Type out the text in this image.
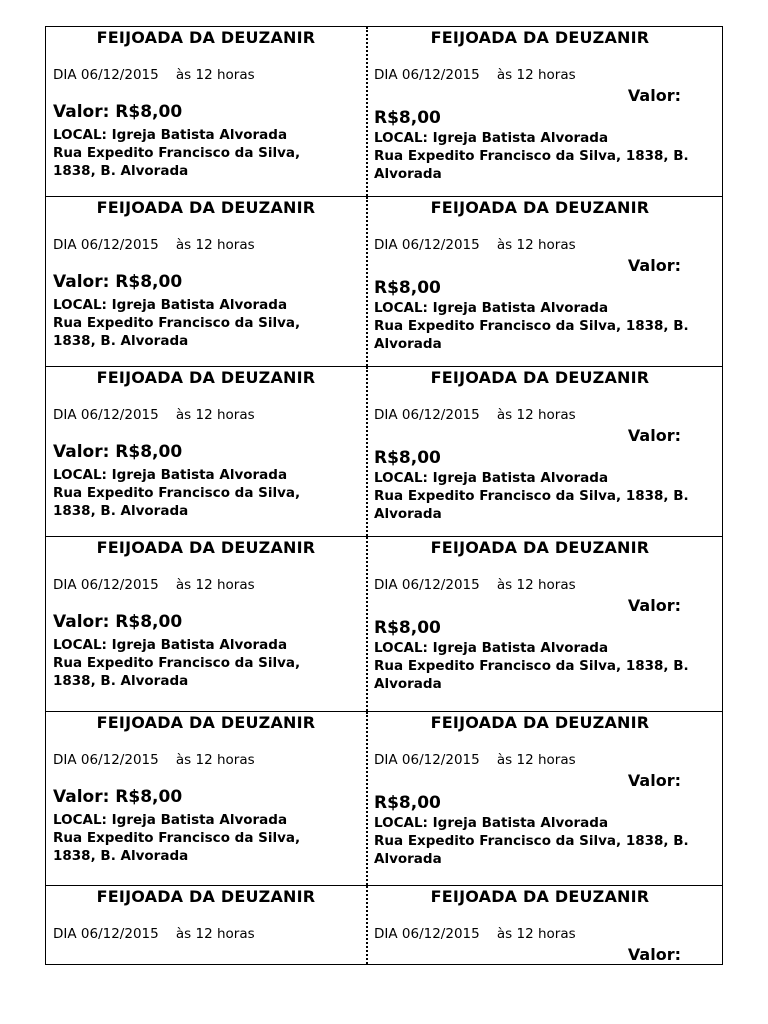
FEIJOADA DA DEUZANIR
DIA 06/12/2015 às 12 horas
Valor: R$8,00
LOCAL: Igreja Batista Alvorada
Rua Expedito Francisco da Silva,
1838, B. Alvorada
FEIJOADA DA DEUZANIR
DIA 06/12/2015 às 12 horas
Valor:
R$8,00
LOCAL: Igreja Batista Alvorada
Rua Expedito Francisco da Silva, 1838, B.
Alvorada
FEIJOADA DA DEUZANIR
DIA 06/12/2015 às 12 horas
Valor: R$8,00
LOCAL: Igreja Batista Alvorada
Rua Expedito Francisco da Silva,
1838, B. Alvorada
FEIJOADA DA DEUZANIR
DIA 06/12/2015 às 12 horas
Valor:
R$8,00
LOCAL: Igreja Batista Alvorada
Rua Expedito Francisco da Silva, 1838, B.
Alvorada
FEIJOADA DA DEUZANIR
DIA 06/12/2015 às 12 horas
Valor: R$8,00
LOCAL: Igreja Batista Alvorada
Rua Expedito Francisco da Silva,
1838, B. Alvorada
FEIJOADA DA DEUZANIR
DIA 06/12/2015 às 12 horas
Valor:
R$8,00
LOCAL: Igreja Batista Alvorada
Rua Expedito Francisco da Silva, 1838, B.
Alvorada
FEIJOADA DA DEUZANIR
DIA 06/12/2015 às 12 horas
Valor: R$8,00
LOCAL: Igreja Batista Alvorada
Rua Expedito Francisco da Silva,
1838, B. Alvorada
FEIJOADA DA DEUZANIR
DIA 06/12/2015 às 12 horas
Valor:
R$8,00
LOCAL: Igreja Batista Alvorada
Rua Expedito Francisco da Silva, 1838, B.
Alvorada
FEIJOADA DA DEUZANIR
DIA 06/12/2015 às 12 horas
Valor: R$8,00
LOCAL: Igreja Batista Alvorada
Rua Expedito Francisco da Silva,
1838, B. Alvorada
FEIJOADA DA DEUZANIR
DIA 06/12/2015 às 12 horas
Valor:
R$8,00
LOCAL: Igreja Batista Alvorada
Rua Expedito Francisco da Silva, 1838, B.
Alvorada
FEIJOADA DA DEUZANIR
DIA 06/12/2015 às 12 horas
FEIJOADA DA DEUZANIR
DIA 06/12/2015 às 12 horas
Valor:
